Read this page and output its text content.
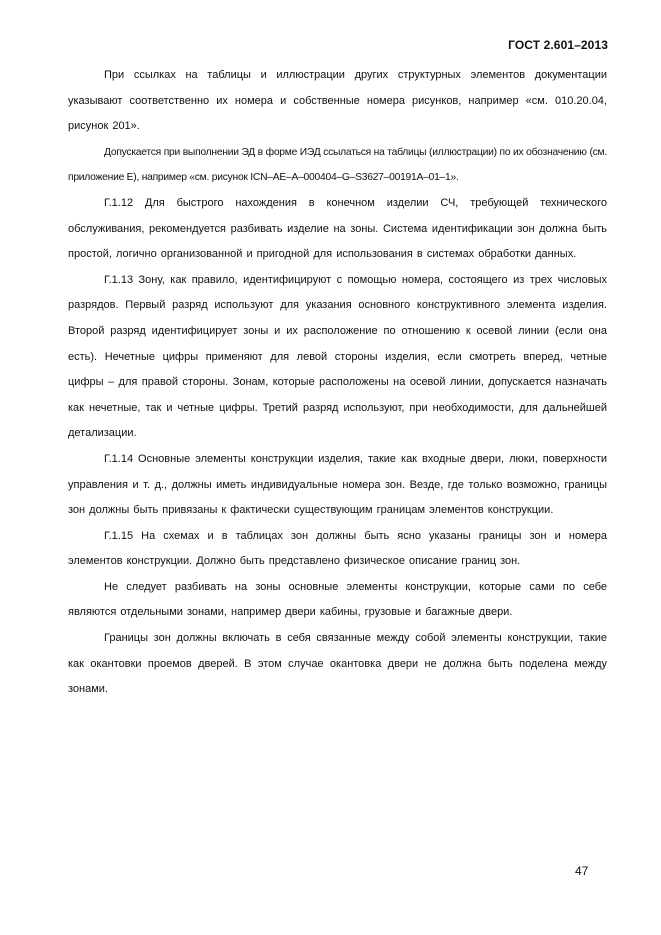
ГОСТ 2.601–2013

При ссылках на таблицы и иллюстрации других структурных элементов документации указывают соответственно их номера и собственные номера рисунков, например «см. 010.20.04, рисунок 201».

Допускается при выполнении ЭД в форме ИЭД ссылаться на таблицы (иллюстрации) по их обозначению (см. приложение Е), например «см. рисунок ICN–AE–A–000404–G–S3627–00191A–01–1».

Г.1.12 Для быстрого нахождения в конечном изделии СЧ, требующей технического обслуживания, рекомендуется разбивать изделие на зоны. Система идентификации зон должна быть простой, логично организованной и пригодной для использования в системах обработки данных.

Г.1.13 Зону, как правило, идентифицируют с помощью номера, состоящего из трех числовых разрядов. Первый разряд используют для указания основного конструктивного элемента изделия. Второй разряд идентифицирует зоны и их расположение по отношению к осевой линии (если она есть). Нечетные цифры применяют для левой стороны изделия, если смотреть вперед, четные цифры – для правой стороны. Зонам, которые расположены на осевой линии, допускается назначать как нечетные, так и четные цифры. Третий разряд используют, при необходимости, для дальнейшей детализации.

Г.1.14 Основные элементы конструкции изделия, такие как входные двери, люки, поверхности управления и т. д., должны иметь индивидуальные номера зон. Везде, где только возможно, границы зон должны быть привязаны к фактически существующим границам элементов конструкции.

Г.1.15 На схемах и в таблицах зон должны быть ясно указаны границы зон и номера элементов конструкции. Должно быть представлено физическое описание границ зон.

Не следует разбивать на зоны основные элементы конструкции, которые сами по себе являются отдельными зонами, например двери кабины, грузовые и багажные двери.

Границы зон должны включать в себя связанные между собой элементы конструкции, такие как окантовки проемов дверей. В этом случае окантовка двери не должна быть поделена между зонами.

47
